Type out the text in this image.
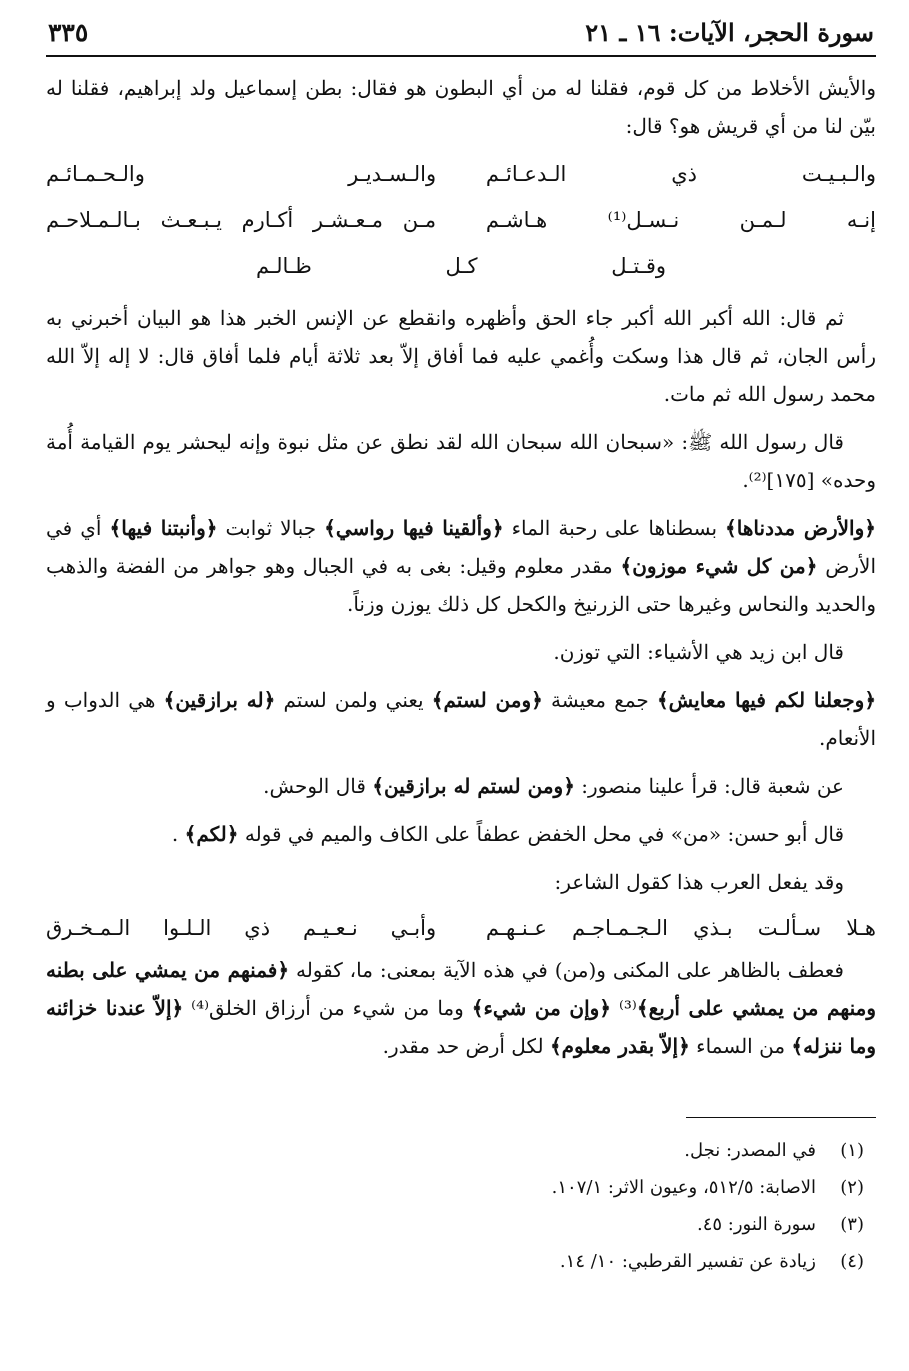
سورة الحجر، الآيات: ١٦ ـ ٢١
٣٣٥

والأيش الأخلاط من كل قوم، فقلنا له من أي البطون هو فقال: بطن إسماعيل ولد إبراهيم، فقلنا له بيّن لنا من أي قريش هو؟ قال:

والـبـيـت ذي الـدعـائـم
والـسـديـر والـحـمـائـم
إنـه لـمـن نـسـل⁽¹⁾ هـاشـم
مـن مـعـشـر أكـارم يـبـعـث بـالـمـلاحـم
وقـتـل كـل ظـالـم

ثم قال: الله أكبر الله أكبر جاء الحق وأظهره وانقطع عن الإنس الخبر هذا هو البيان أخبرني به رأس الجان، ثم قال هذا وسكت وأُغمي عليه فما أفاق إلاّ بعد ثلاثة أيام فلما أفاق قال: لا إله إلاّ الله محمد رسول الله ثم مات.

قال رسول الله ﷺ: «سبحان الله سبحان الله لقد نطق عن مثل نبوة وإنه ليحشر يوم القيامة أُمة وحده» [١٧٥]⁽²⁾.

﴿والأرض مددناها﴾ بسطناها على رحبة الماء ﴿وألقينا فيها رواسي﴾ جبالا ثوابت ﴿وأنبتنا فيها﴾ أي في الأرض ﴿من كل شيء موزون﴾ مقدر معلوم وقيل: بغى به في الجبال وهو جواهر من الفضة والذهب والحديد والنحاس وغيرها حتى الزرنيخ والكحل كل ذلك يوزن وزناً.

قال ابن زيد هي الأشياء: التي توزن.

﴿وجعلنا لكم فيها معايش﴾ جمع معيشة ﴿ومن لستم﴾ يعني ولمن لستم ﴿له برازقين﴾ هي الدواب و الأنعام.

عن شعبة قال: قرأ علينا منصور: ﴿ومن لستم له برازقين﴾ قال الوحش.

قال أبو حسن: «من» في محل الخفض عطفاً على الكاف والميم في قوله ﴿لكم﴾ .

وقد يفعل العرب هذا كقول الشاعر:

هـلا سـألـت بـذي الـجـمـاجـم عـنـهـم
وأبـي نـعـيـم ذي الـلـوا الـمـخـرق

فعطف بالظاهر على المكنى و(من) في هذه الآية بمعنى: ما، كقوله ﴿فمنهم من يمشي على بطنه ومنهم من يمشي على أربع﴾⁽³⁾ ﴿وإن من شيء﴾ وما من شيء من أرزاق الخلق⁽⁴⁾ ﴿إلاّ عندنا خزائنه وما ننزله﴾ من السماء ﴿إلاّ بقدر معلوم﴾ لكل أرض حد مقدر.

(١)
في المصدر: نجل.
(٢)
الاصابة: ٥١٢/٥، وعيون الاثر: ١٠٧/١.
(٣)
سورة النور: ٤٥.
(٤)
زيادة عن تفسير القرطبي: ١٠/ ١٤.
